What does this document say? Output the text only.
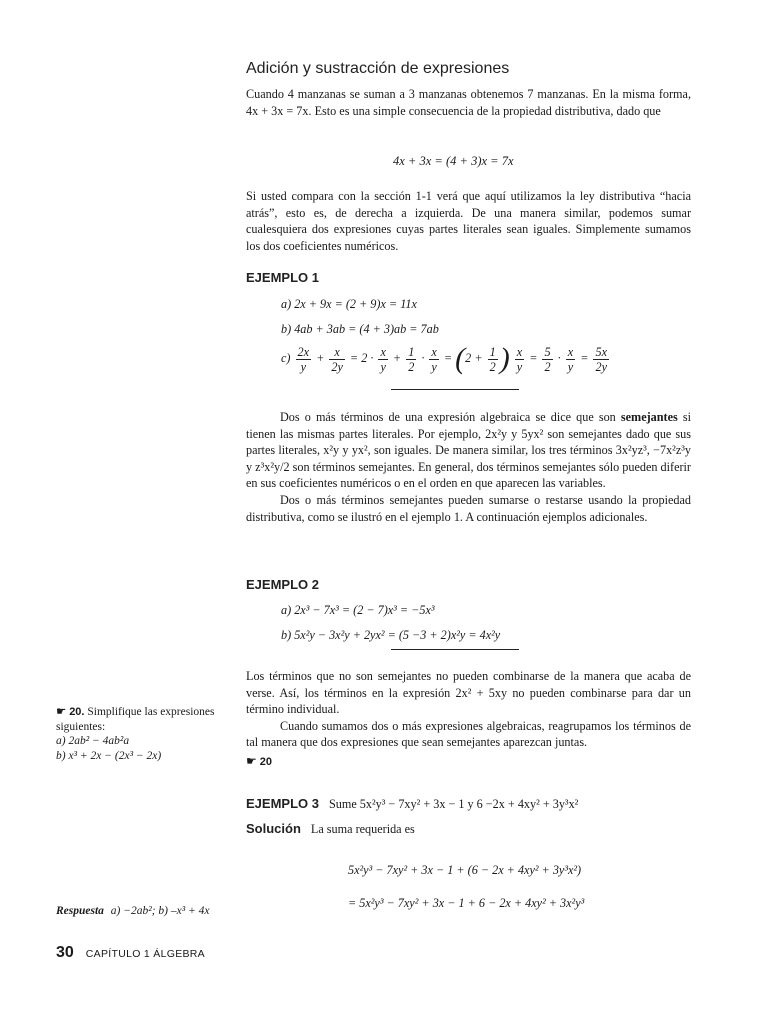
Adición y sustracción de expresiones

Cuando 4 manzanas se suman a 3 manzanas obtenemos 7 manzanas. En la misma forma, 4x + 3x = 7x. Esto es una simple consecuencia de la propiedad distributiva, dado que

4x + 3x = (4 + 3)x = 7x

Si usted compara con la sección 1-1 verá que aquí utilizamos la ley distributiva “hacia atrás”, esto es, de derecha a izquierda. De una manera similar, podemos sumar cualesquiera dos expresiones cuyas partes literales sean iguales. Simplemente sumamos los dos coeficientes numéricos.

EJEMPLO 1
a) 2x + 9x = (2 + 9)x = 11x
b) 4ab + 3ab = (4 + 3)ab = 7ab
$c) \frac{2x}{y} + \frac{x}{2y} = 2 \cdot \frac{x}{y} + \frac{1}{2} \cdot \frac{x}{y} = (2 + \frac{1}{2}$ ) $\frac{x}{y} = \frac{5}{2} \cdot \frac{x}{y} = \frac{5x}{2y}$

Dos o más términos de una expresión algebraica se dice que son semejantes si tienen las mismas partes literales. Por ejemplo, 2x²y y 5yx² son semejantes dado que sus partes literales, x²y y yx², son iguales. De manera similar, los tres términos 3x²yz³, −7x²z³y y z³x²y/2 son términos semejantes. En general, dos términos semejantes sólo pueden diferir en sus coeficientes numéricos o en el orden en que aparecen las variables.

Dos o más términos semejantes pueden sumarse o restarse usando la propiedad distributiva, como se ilustró en el ejemplo 1. A continuación ejemplos adicionales.

EJEMPLO 2
a) 2x³ − 7x³ = (2 − 7)x³ = −5x³
b) 5x²y − 3x²y + 2yx² = (5 −3 + 2)x²y = 4x²y

Los términos que no son semejantes no pueden combinarse de la manera que acaba de verse. Así, los términos en la expresión 2x² + 5xy no pueden combinarse para dar un término individual.

Cuando sumamos dos o más expresiones algebraicas, reagrupamos los términos de tal manera que dos expresiones que sean semejantes aparezcan juntas.

☛ 20
EJEMPLO 3 Sume 5x²y³ − 7xy² + 3x − 1 y 6 −2x + 4xy² + 3y³x²
Solución La suma requerida es
5x²y³ − 7xy² + 3x − 1 + (6 − 2x + 4xy² + 3y³x²)
= 5x²y³ − 7xy² + 3x − 1 + 6 − 2x + 4xy² + 3x²y³
☛ 20. Simplifique las expresiones siguientes:
a) 2ab² − 4ab²a
b) x³ + 2x − (2x³ − 2x)
Respuesta a) −2ab²; b) –x³ + 4x
30 CAPÍTULO 1 ÁLGEBRA
